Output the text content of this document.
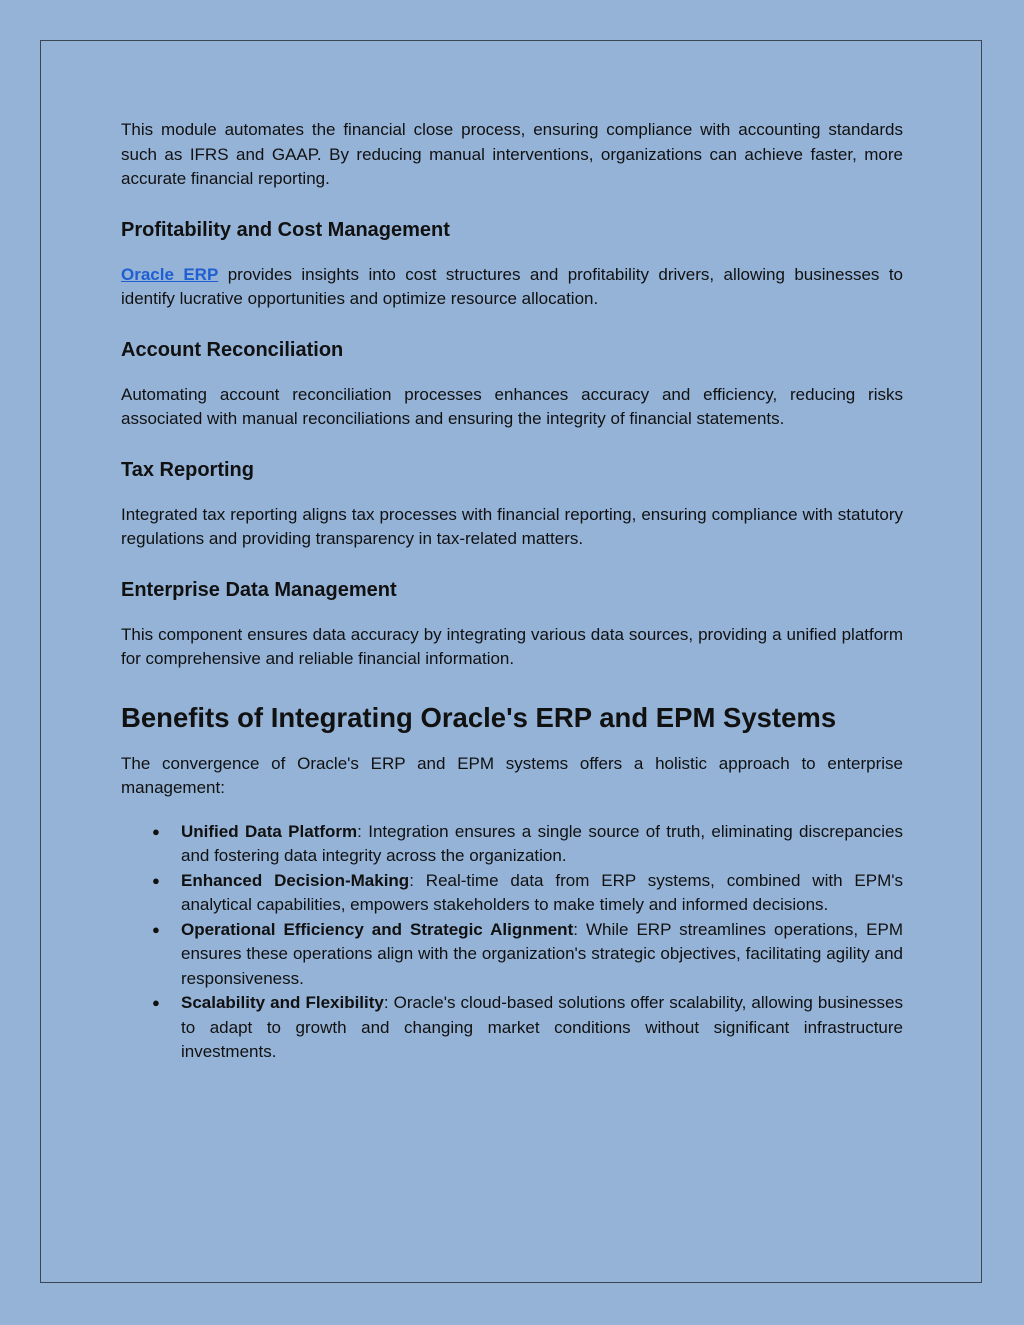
This module automates the financial close process, ensuring compliance with accounting standards such as IFRS and GAAP. By reducing manual interventions, organizations can achieve faster, more accurate financial reporting.

Profitability and Cost Management

Oracle ERP provides insights into cost structures and profitability drivers, allowing businesses to identify lucrative opportunities and optimize resource allocation.

Account Reconciliation

Automating account reconciliation processes enhances accuracy and efficiency, reducing risks associated with manual reconciliations and ensuring the integrity of financial statements.

Tax Reporting

Integrated tax reporting aligns tax processes with financial reporting, ensuring compliance with statutory regulations and providing transparency in tax-related matters.

Enterprise Data Management

This component ensures data accuracy by integrating various data sources, providing a unified platform for comprehensive and reliable financial information.

Benefits of Integrating Oracle's ERP and EPM Systems

The convergence of Oracle's ERP and EPM systems offers a holistic approach to enterprise management:

● Unified Data Platform: Integration ensures a single source of truth, eliminating discrepancies and fostering data integrity across the organization.
● Enhanced Decision-Making: Real-time data from ERP systems, combined with EPM's analytical capabilities, empowers stakeholders to make timely and informed decisions.
● Operational Efficiency and Strategic Alignment: While ERP streamlines operations, EPM ensures these operations align with the organization's strategic objectives, facilitating agility and responsiveness.
● Scalability and Flexibility: Oracle's cloud-based solutions offer scalability, allowing businesses to adapt to growth and changing market conditions without significant infrastructure investments.
